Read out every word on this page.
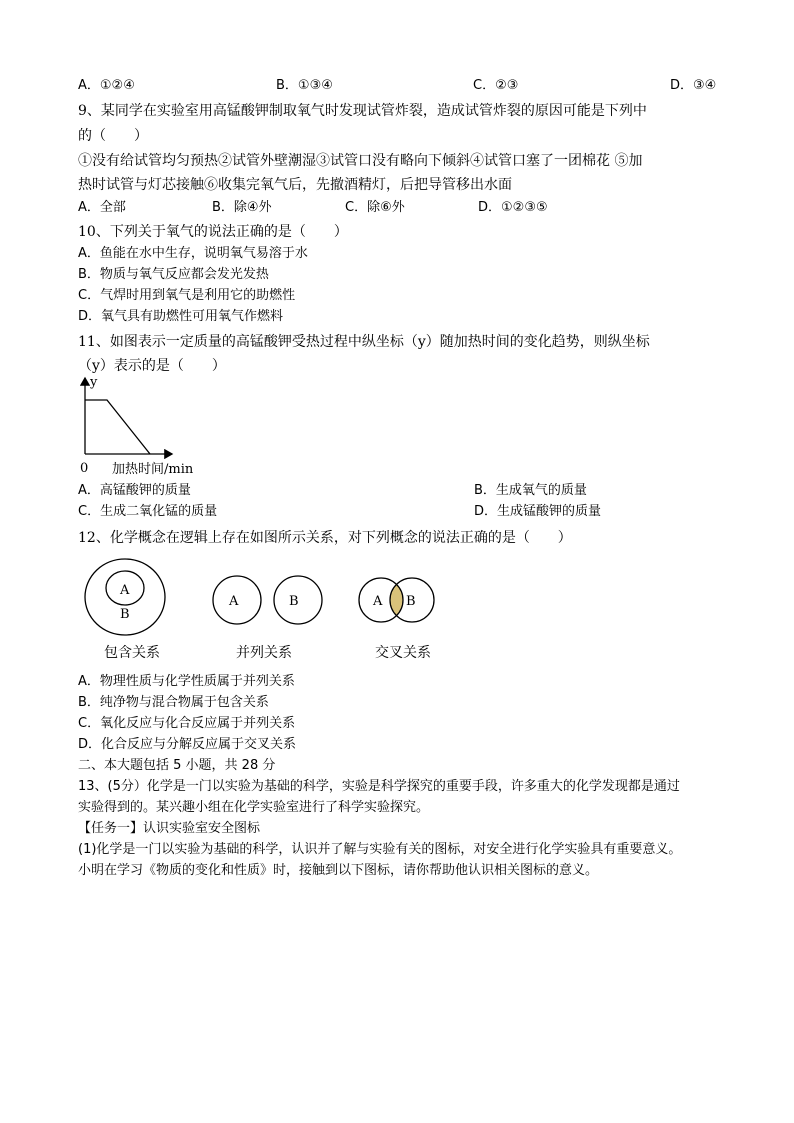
A．①②④	B．①③④	C．②③	D．③④
9、某同学在实验室用高锰酸钾制取氧气时发现试管炸裂，造成试管炸裂的原因可能是下列中
的（　　）
①没有给试管均匀预热②试管外壁潮湿③试管口没有略向下倾斜④试管口塞了一团棉花 ⑤加
热时试管与灯芯接触⑥收集完氧气后，先撤酒精灯，后把导管移出水面
A．全部	B．除④外	C．除⑥外	D．①②③⑤
10、下列关于氧气的说法正确的是（　　）
A．鱼能在水中生存，说明氧气易溶于水
B．物质与氧气反应都会发光发热
C．气焊时用到氧气是利用它的助燃性
D．氧气具有助燃性可用氧气作燃料
11、如图表示一定质量的高锰酸钾受热过程中纵坐标（y）随加热时间的变化趋势，则纵坐标
（y）表示的是（　　）
y
0 加热时间/min
A．高锰酸钾的质量	B．生成氧气的质量
C．生成二氧化锰的质量	D．生成锰酸钾的质量
12、化学概念在逻辑上存在如图所示关系，对下列概念的说法正确的是（　　）
A
B
包含关系
A	B
并列关系
A B
交叉关系
A．物理性质与化学性质属于并列关系
B．纯净物与混合物属于包含关系
C．氧化反应与化合反应属于并列关系
D．化合反应与分解反应属于交叉关系
二、本大题包括 5 小题，共 28 分
13、(5分）化学是一门以实验为基础的科学，实验是科学探究的重要手段，许多重大的化学发现都是通过
实验得到的。某兴趣小组在化学实验室进行了科学实验探究。
【任务一】认识实验室安全图标
(1)化学是一门以实验为基础的科学，认识并了解与实验有关的图标，对安全进行化学实验具有重要意义。
小明在学习《物质的变化和性质》时，接触到以下图标，请你帮助他认识相关图标的意义。
